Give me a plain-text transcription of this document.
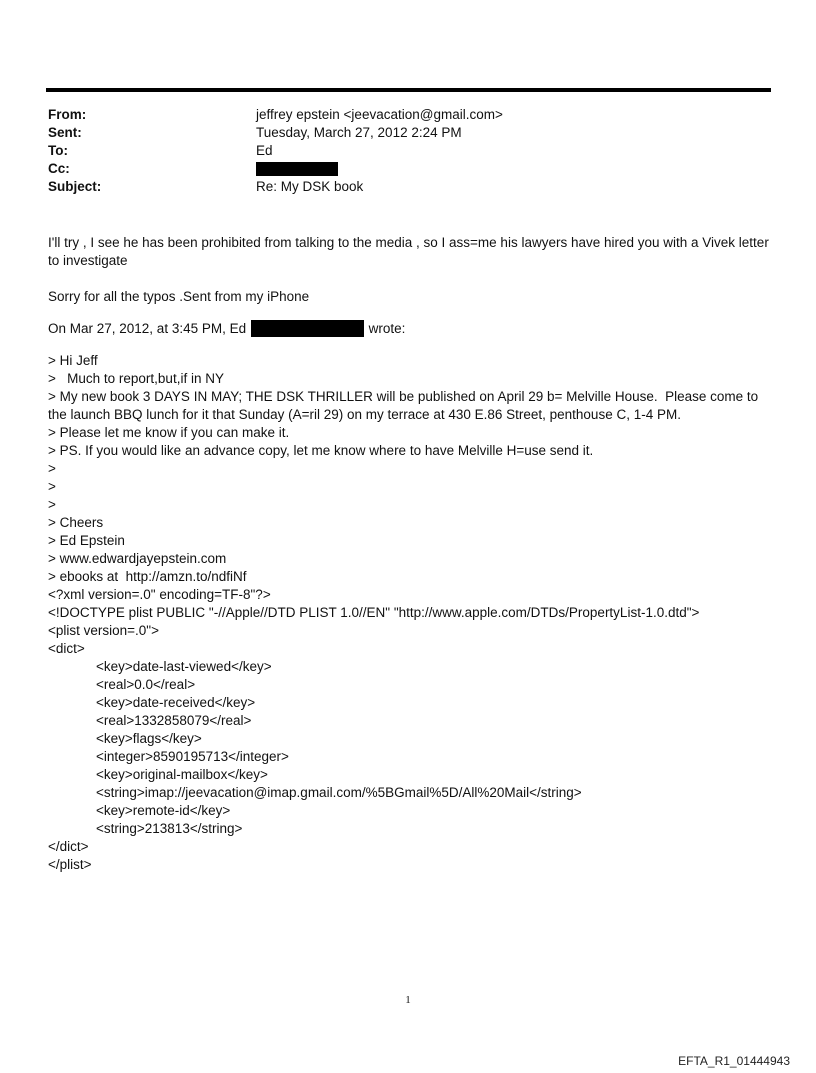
From:	jeffrey epstein <jeevacation@gmail.com>
Sent:	Tuesday, March 27, 2012 2:24 PM
To:	Ed
Cc:
Subject:	Re: My DSK book

I'll try , I see he has been prohibited from talking to the media , so I ass=me his lawyers have hired you with a Vivek letter to investigate

Sorry for all the typos .Sent from my iPhone

On Mar 27, 2012, at 3:45 PM, Ed	wrote:
> Hi Jeff
>   Much to report,but,if in NY
> My new book 3 DAYS IN MAY; THE DSK THRILLER will be published on April 29 b= Melville House.  Please come to the launch BBQ lunch for it that Sunday (A=ril 29) on my terrace at 430 E.86 Street, penthouse C, 1-4 PM.
> Please let me know if you can make it.
> PS. If you would like an advance copy, let me know where to have Melville H=use send it.
>
>
>
> Cheers
> Ed Epstein
> www.edwardjayepstein.com
> ebooks at  http://amzn.to/ndfiNf
<?xml version=.0" encoding=TF-8"?>
<!DOCTYPE plist PUBLIC "-//Apple//DTD PLIST 1.0//EN" "http://www.apple.com/DTDs/PropertyList-1.0.dtd">
<plist version=.0">
<dict>
<key>date-last-viewed</key>
<real>0.0</real>
<key>date-received</key>
<real>1332858079</real>
<key>flags</key>
<integer>8590195713</integer>
<key>original-mailbox</key>
<string>imap://jeevacation@imap.gmail.com/%5BGmail%5D/All%20Mail</string>
<key>remote-id</key>
<string>213813</string>
</dict>
</plist>
1
EFTA_R1_01444943
